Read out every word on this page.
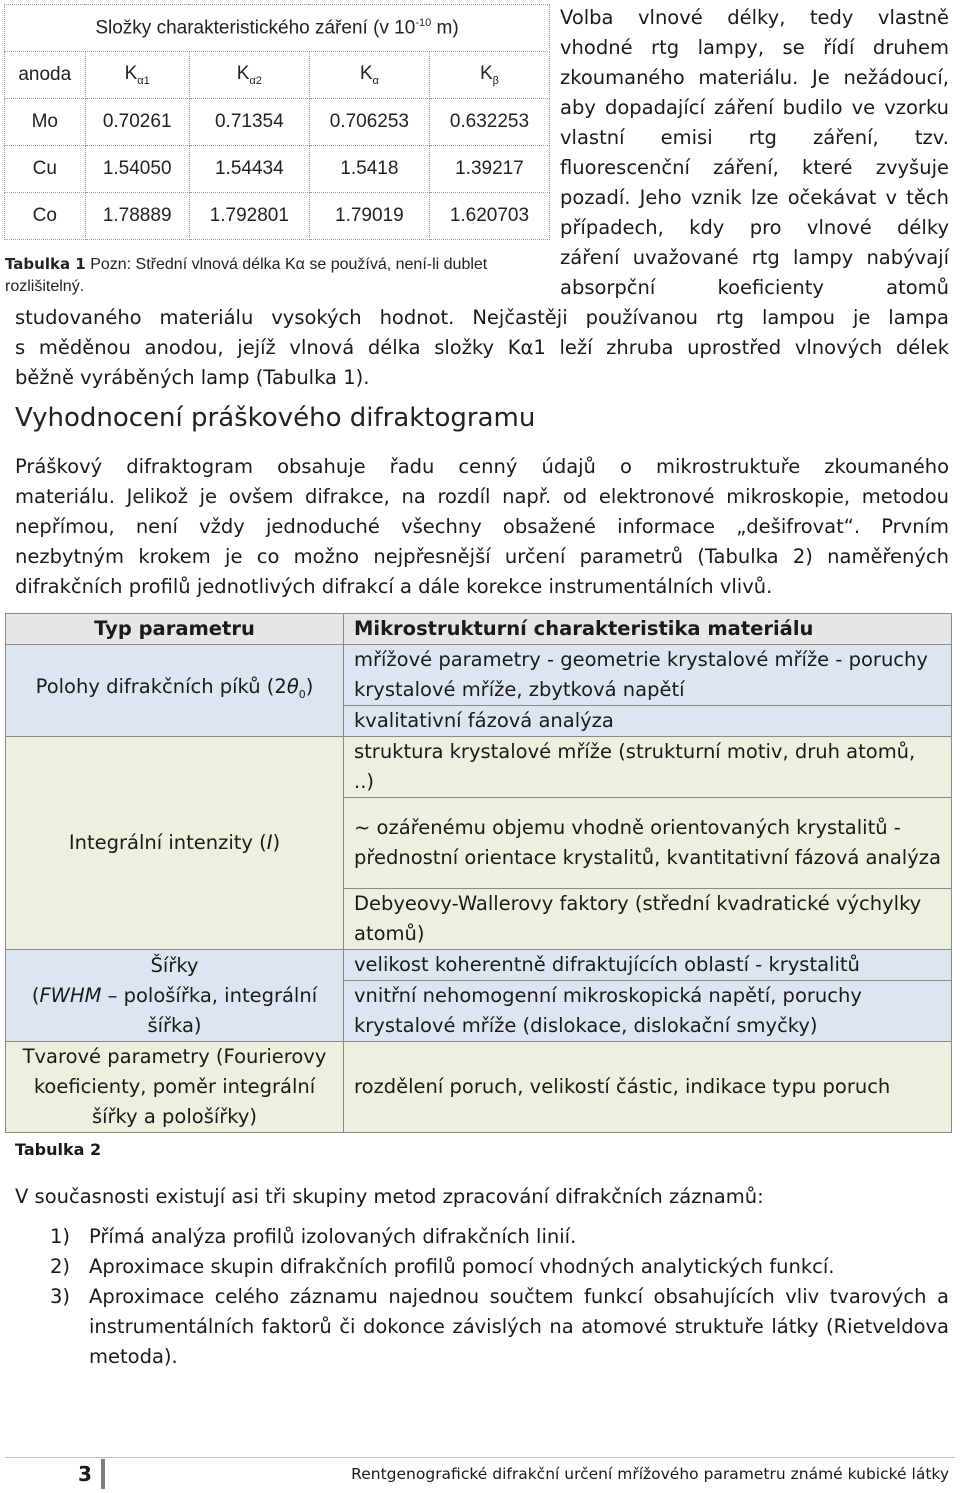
Složky charakteristického záření (v $10^{-10}$ m)				
anoda	$K_{\alpha 1}$	$K_{\alpha 2}$	$K_\alpha$	$K_\beta$
Mo	0.70261	0.71354	0.706253	0.632253
Cu	1.54050	1.54434	1.5418	1.39217
Co	1.78889	1.792801	1.79019	1.620703
Tabulka 1 Pozn: Střední vlnová délka Kα se používá, není-li dublet rozlišitelný.
Volba vlnové délky, tedy vlastně
vhodné rtg lampy, se řídí druhem
zkoumaného materiálu. Je nežádoucí,
aby dopadající záření budilo ve vzorku
vlastní emisi rtg záření, tzv.
fluorescenční záření, které zvyšuje
pozadí. Jeho vznik lze očekávat v těch
případech, kdy pro vlnové délky
záření uvažované rtg lampy nabývají
absorpční koeficienty atomů
studovaného materiálu vysokých hodnot. Nejčastěji používanou rtg lampou je lampa
s měděnou anodou, jejíž vlnová délka složky Kα1 leží zhruba uprostřed vlnových délek
běžně vyráběných lamp (Tabulka 1).
Vyhodnocení práškového difraktogramu
Práškový difraktogram obsahuje řadu cenný údajů o mikrostruktuře zkoumaného
materiálu. Jelikož je ovšem difrakce, na rozdíl např. od elektronové mikroskopie, metodou
nepřímou, není vždy jednoduché všechny obsažené informace „dešifrovat“. Prvním
nezbytným krokem je co možno nejpřesnější určení parametrů (Tabulka 2) naměřených
difrakčních profilů jednotlivých difrakcí a dále korekce instrumentálních vlivů.
Typ parametru	Mikrostrukturní charakteristika materiálu
Polohy difrakčních píků $(2\theta_0)$	mřížové parametry - geometrie krystalové mříže - poruchy krystalové mříže, zbytková napětí
	kvalitativní fázová analýza
Integrální intenzity (I)	struktura krystalové mříže (strukturní motiv, druh atomů, ..)
	~ ozářenému objemu vhodně orientovaných krystalitů - přednostní orientace krystalitů, kvantitativní fázová analýza
	Debyeovy-Wallerovy faktory (střední kvadratické výchylky atomů)
Šířky
(FWHM – pološířka, integrální šířka)	velikost koherentně difraktujících oblastí - krystalitů
	vnitřní nehomogenní mikroskopická napětí, poruchy krystalové mříže (dislokace, dislokační smyčky)
Tvarové parametry (Fourierovy koeficienty, poměr integrální šířky a pološířky)	rozdělení poruch, velikostí částic, indikace typu poruch
Tabulka 2
V současnosti existují asi tři skupiny metod zpracování difrakčních záznamů:
1) Přímá analýza profilů izolovaných difrakčních linií.
2) Aproximace skupin difrakčních profilů pomocí vhodných analytických funkcí.
3) Aproximace celého záznamu najednou součtem funkcí obsahujících vliv tvarových a instrumentálních faktorů či dokonce závislých na atomové struktuře látky (Rietveldova metoda).
3	Rentgenografické difrakční určení mřížového parametru známé kubické látky
